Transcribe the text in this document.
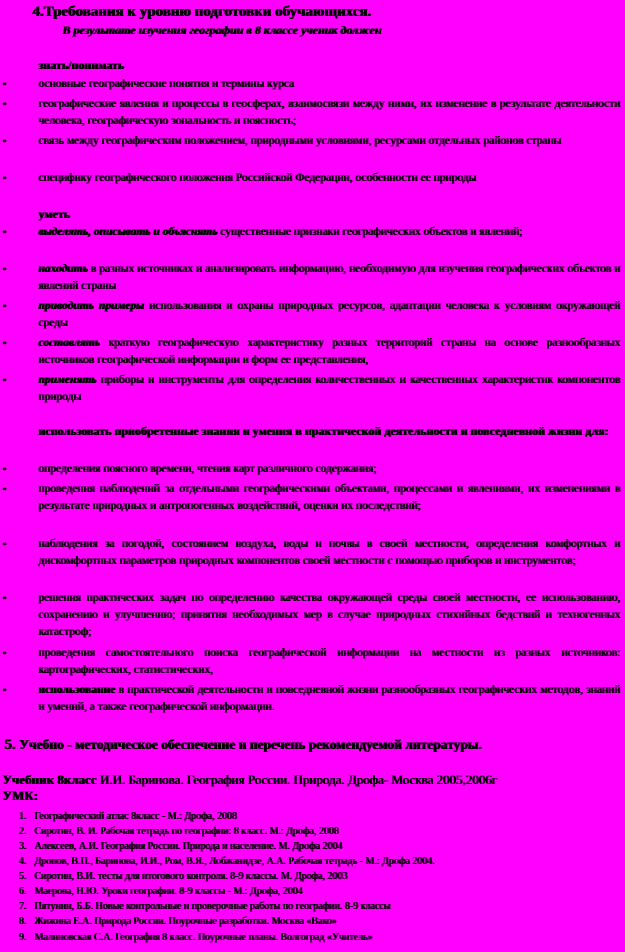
4.Требования к уровню подготовки обучающихся.
В результате изучения географии в 8 классе ученик должен
знать/понимать
•	основные географические понятия и термины курса
•	географические явления и процессы в геосферах, взаимосвязи между ними, их изменение в результате деятельности человека, географическую зональность и поясность;
•	связь между географическим положением, природными условиями, ресурсами отдельных районов страны
•	специфику географического положения Российской Федерации, особенности ее природы
уметь
•	выделять, описывать и объяснять существенные признаки географических объектов и явлений;
•	находить в разных источниках и анализировать информацию, необходимую для изучения географических объектов и явлений страны
•	приводить примеры использования и охраны природных ресурсов, адаптации человека к условиям окружающей среды
•	составлять краткую географическую характеристику разных территорий страны на основе разнообразных источников географической информации и форм ее представления,
•	применять приборы и инструменты для определения количественных и качественных характеристик компонентов природы
использовать приобретенные знания и умения в практической деятельности и повседневной жизни для:
•	определения поясного времени, чтения карт различного содержания;
•	проведения наблюдений за отдельными географическими объектами, процессами и явлениями, их изменениями в результате природных и антропогенных воздействий, оценки их последствий;
•	наблюдения за погодой, состоянием воздуха, воды и почвы в своей местности, определения комфортных и дискомфортных параметров природных компонентов своей местности с помощью приборов и инструментов;
•	решения практических задач по определению качества окружающей среды своей местности, ее использованию, сохранению и улучшению; принятия необходимых мер в случае природных стихийных бедствий и техногенных катастроф;
•	проведения самостоятельного поиска географической информации на местности из разных источников: картографических, статистических,
•	использование в практической деятельности и повседневной жизни разнообразных географических методов, знаний и умений, а также географической информации.
5. Учебно - методическое обеспечение и перечень рекомендуемой литературы.
Учебник 8класс И.И. Баринова. География России. Природа. Дрофа- Москва 2005,2006г
УМК:
1. Географический атлас 8класс - М.: Дрофа, 2008
2. Сиротин, В. И. Рабочая тетрадь по географии: 8 класс. М.: Дрофа, 2008
3. Алексеев, А.И. География России. Природа и население. М. Дрофа 2004
4. Дронов, В.П., Баринова, И.И., Ром, В.Я., Лобжанидзе, А.А. Рабочая тетрадь - М.: Дрофа 2004.
5. Сиротин, В.И. тесты для итогового контроля. 8-9 классы. М. Дрофа, 2003
6. Маерова, Н.Ю. Уроки географии. 8-9 классы - М.: Дрофа, 2004
7. Пятунин, Б.Б. Новые контрольные и проверочные работы по географии. 8-9 классы
8. Жижина Е.А. Природа России. Поурочные разработки. Москва «Вако»
9. Малиновская С.А. География 8 класс. Поурочные планы. Волгоград «Учитель»
